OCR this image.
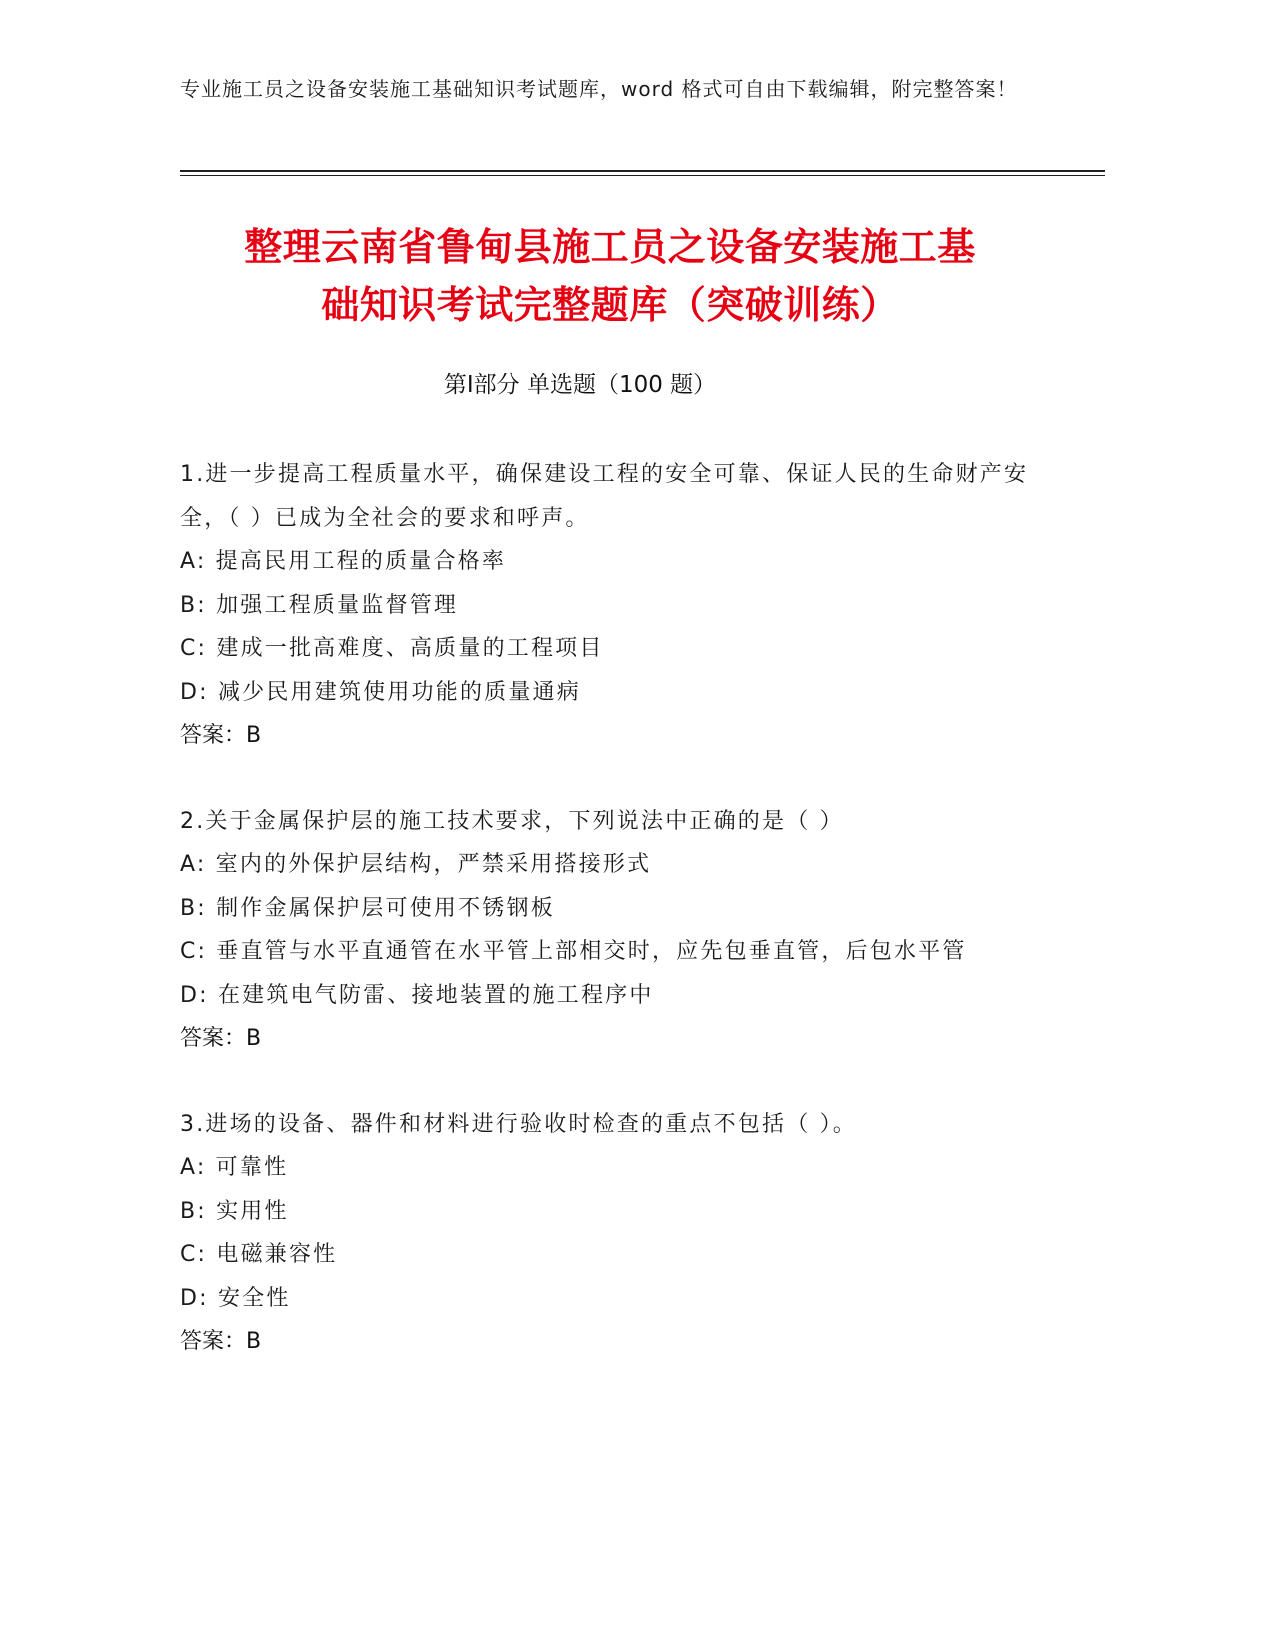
专业施工员之设备安装施工基础知识考试题库，word 格式可自由下载编辑，附完整答案！
整理云南省鲁甸县施工员之设备安装施工基
础知识考试完整题库（突破训练）
第Ⅰ部分 单选题（100 题）

1.进一步提高工程质量水平，确保建设工程的安全可靠、保证人民的生命财产安全，（ ）已成为全社会的要求和呼声。

A: 提高民用工程的质量合格率

B: 加强工程质量监督管理

C: 建成一批高难度、高质量的工程项目

D: 减少民用建筑使用功能的质量通病

答案：B

2.关于金属保护层的施工技术要求，下列说法中正确的是（ ）

A: 室内的外保护层结构，严禁采用搭接形式

B: 制作金属保护层可使用不锈钢板

C: 垂直管与水平直通管在水平管上部相交时，应先包垂直管，后包水平管

D: 在建筑电气防雷、接地装置的施工程序中

答案：B

3.进场的设备、器件和材料进行验收时检查的重点不包括（ ）。

A: 可靠性

B: 实用性

C: 电磁兼容性

D: 安全性

答案：B
